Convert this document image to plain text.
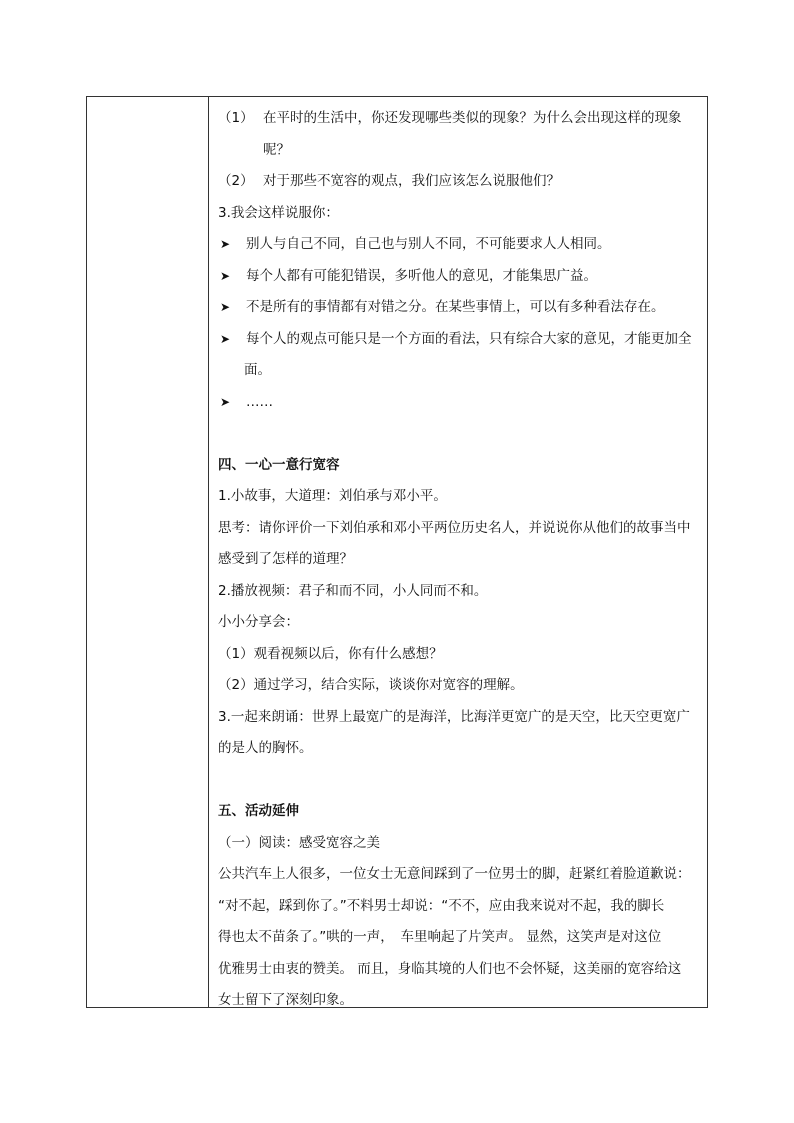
（1） 在平时的生活中，你还发现哪些类似的现象？为什么会出现这样的现象
呢？
（2） 对于那些不宽容的观点，我们应该怎么说服他们？
3.我会这样说服你：
➤	别人与自己不同，自己也与别人不同，不可能要求人人相同。
➤	每个人都有可能犯错误，多听他人的意见，才能集思广益。
➤	不是所有的事情都有对错之分。在某些事情上，可以有多种看法存在。
➤	每个人的观点可能只是一个方面的看法，只有综合大家的意见，才能更加全
面。
➤	……
四、一心一意行宽容
1.小故事，大道理：刘伯承与邓小平。
思考：请你评价一下刘伯承和邓小平两位历史名人，并说说你从他们的故事当中
感受到了怎样的道理？
2.播放视频：君子和而不同，小人同而不和。
小小分享会：
（1）观看视频以后，你有什么感想？
（2）通过学习，结合实际，谈谈你对宽容的理解。
3.一起来朗诵：世界上最宽广的是海洋，比海洋更宽广的是天空，比天空更宽广
的是人的胸怀。
五、活动延伸
（一）阅读：感受宽容之美
公共汽车上人很多，一位女士无意间踩到了一位男士的脚，赶紧红着脸道歉说：
“对不起，踩到你了。”不料男士却说：“不不，应由我来说对不起，我的脚长
得也太不苗条了。”哄的一声，　车里响起了片笑声。 显然，这笑声是对这位
优雅男士由衷的赞美。 而且，身临其境的人们也不会怀疑，这美丽的宽容给这
女士留下了深刻印象。
